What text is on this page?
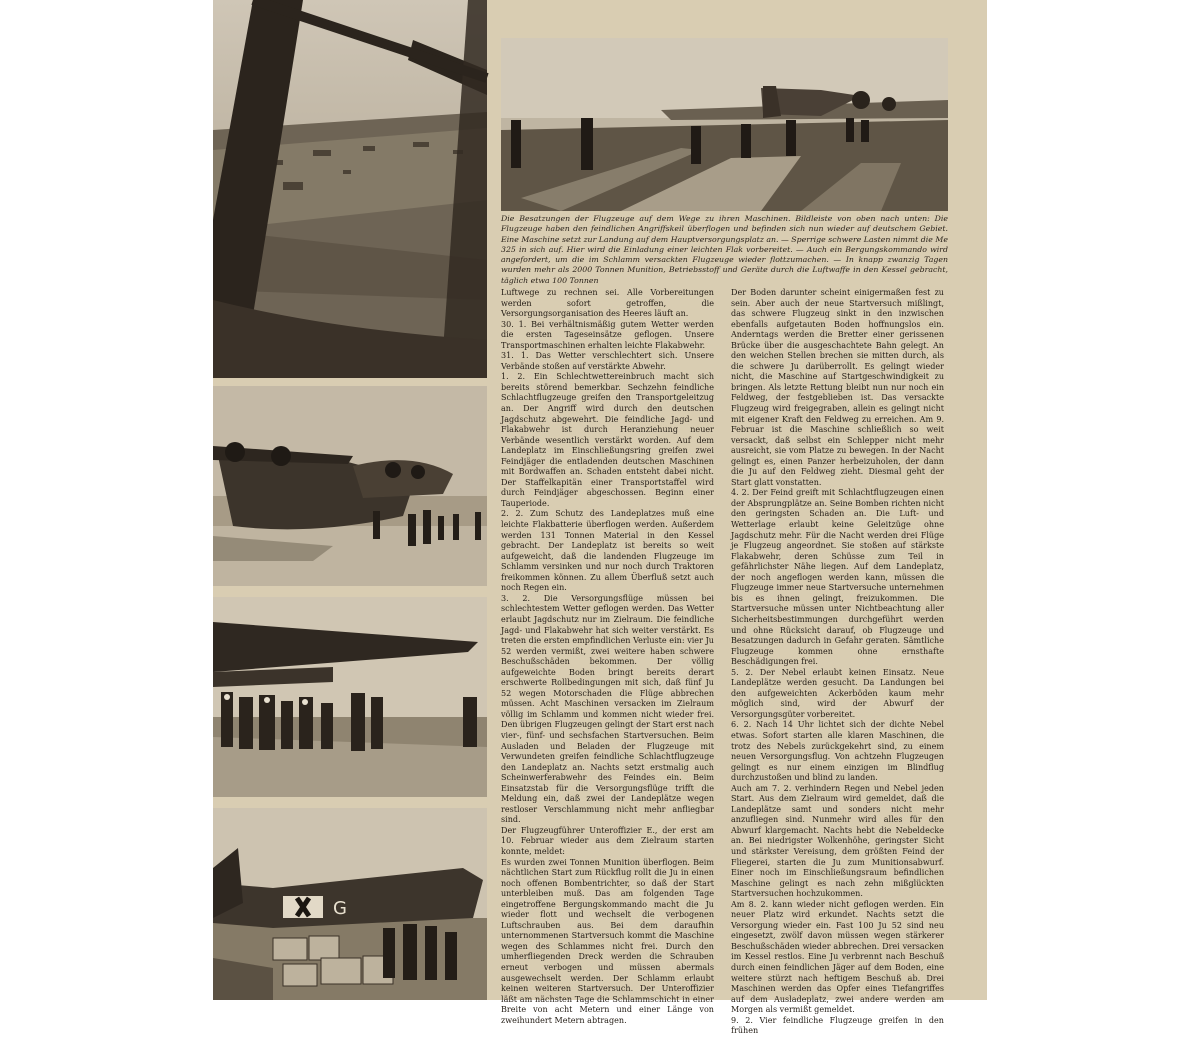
G
Die Besatzungen der Flugzeuge auf dem Wege zu ihren Maschinen. Bildleiste von oben nach unten: Die Flugzeuge haben den feindlichen Angriffskeil überflogen und befinden sich nun wieder auf deutschem Gebiet. Eine Maschine setzt zur Landung auf dem Hauptversorgungsplatz an. — Sperrige schwere Lasten nimmt die Me 325 in sich auf. Hier wird die Einladung einer leichten Flak vorbereitet. — Auch ein Bergungskommando wird angefordert, um die im Schlamm versackten Flugzeuge wieder flottzumachen. — In knapp zwanzig Tagen wurden mehr als 2000 Tonnen Munition, Betriebsstoff und Geräte durch die Luftwaffe in den Kessel gebracht, täglich etwa 100 Tonnen

Luftwege zu rechnen sei. Alle Vorbereitungen werden sofort getroffen, die Versorgungsorganisation des Heeres läuft an.

30. 1. Bei verhältnismäßig gutem Wetter werden die ersten Tageseinsätze geflogen. Unsere Transportmaschinen erhalten leichte Flakabwehr.

31. 1. Das Wetter verschlechtert sich. Unsere Verbände stoßen auf verstärkte Abwehr.

1. 2. Ein Schlechtwettereinbruch macht sich bereits störend bemerkbar. Sechzehn feindliche Schlachtflugzeuge greifen den Transportgeleitzug an. Der Angriff wird durch den deutschen Jagdschutz abgewehrt. Die feindliche Jagd- und Flakabwehr ist durch Heranziehung neuer Verbände wesentlich verstärkt worden. Auf dem Landeplatz im Einschließungsring greifen zwei Feindjäger die entladenden deutschen Maschinen mit Bordwaffen an. Schaden entsteht dabei nicht. Der Staffelkapitän einer Transportstaffel wird durch Feindjäger abgeschossen. Beginn einer Tauperiode.

2. 2. Zum Schutz des Landeplatzes muß eine leichte Flakbatterie überflogen werden. Außerdem werden 131 Tonnen Material in den Kessel gebracht. Der Landeplatz ist bereits so weit aufgeweicht, daß die landenden Flugzeuge im Schlamm versinken und nur noch durch Traktoren freikommen können. Zu allem Überfluß setzt auch noch Regen ein.

3. 2. Die Versorgungsflüge müssen bei schlechtestem Wetter geflogen werden. Das Wetter erlaubt Jagdschutz nur im Zielraum. Die feindliche Jagd- und Flakabwehr hat sich weiter verstärkt. Es treten die ersten empfindlichen Verluste ein: vier Ju 52 werden vermißt, zwei weitere haben schwere Beschußschäden bekommen. Der völlig aufgeweichte Boden bringt bereits derart erschwerte Rollbedingungen mit sich, daß fünf Ju 52 wegen Motorschaden die Flüge abbrechen müssen. Acht Maschinen versacken im Zielraum völlig im Schlamm und kommen nicht wieder frei. Den übrigen Flugzeugen gelingt der Start erst nach vier-, fünf- und sechsfachen Startversuchen. Beim Ausladen und Beladen der Flugzeuge mit Verwundeten greifen feindliche Schlachtflugzeuge den Landeplatz an. Nachts setzt erstmalig auch Scheinwerferabwehr des Feindes ein. Beim Einsatzstab für die Versorgungsflüge trifft die Meldung ein, daß zwei der Landeplätze wegen restloser Verschlammung nicht mehr anfliegbar sind.

Der Flugzeugführer Unteroffizier E., der erst am 10. Februar wieder aus dem Zielraum starten konnte, meldet:

Es wurden zwei Tonnen Munition überflogen. Beim nächtlichen Start zum Rückflug rollt die Ju in einen noch offenen Bombentrichter, so daß der Start unterbleiben muß. Das am folgenden Tage eingetroffene Bergungskommando macht die Ju wieder flott und wechselt die verbogenen Luftschrauben aus. Bei dem daraufhin unternommenen Startversuch kommt die Maschine wegen des Schlammes nicht frei. Durch den umherfliegenden Dreck werden die Schrauben erneut verbogen und müssen abermals ausgewechselt werden. Der Schlamm erlaubt keinen weiteren Startversuch. Der Unteroffizier läßt am nächsten Tage die Schlammschicht in einer Breite von acht Metern und einer Länge von zweihundert Metern abtragen.

Der Boden darunter scheint einigermaßen fest zu sein. Aber auch der neue Startversuch mißlingt, das schwere Flugzeug sinkt in den inzwischen ebenfalls aufgetauten Boden hoffnungslos ein. Anderntags werden die Bretter einer gerissenen Brücke über die ausgeschachtete Bahn gelegt. An den weichen Stellen brechen sie mitten durch, als die schwere Ju darüberrollt. Es gelingt wieder nicht, die Maschine auf Startgeschwindigkeit zu bringen. Als letzte Rettung bleibt nun nur noch ein Feldweg, der festgeblieben ist. Das versackte Flugzeug wird freigegraben, allein es gelingt nicht mit eigener Kraft den Feldweg zu erreichen. Am 9. Februar ist die Maschine schließlich so weit versackt, daß selbst ein Schlepper nicht mehr ausreicht, sie vom Platze zu bewegen. In der Nacht gelingt es, einen Panzer herbeizuholen, der dann die Ju auf den Feldweg zieht. Diesmal geht der Start glatt vonstatten.

4. 2. Der Feind greift mit Schlachtflugzeugen einen der Absprungplätze an. Seine Bomben richten nicht den geringsten Schaden an. Die Luft- und Wetterlage erlaubt keine Geleitzüge ohne Jagdschutz mehr. Für die Nacht werden drei Flüge je Flugzeug angeordnet. Sie stoßen auf stärkste Flakabwehr, deren Schüsse zum Teil in gefährlichster Nähe liegen. Auf dem Landeplatz, der noch angeflogen werden kann, müssen die Flugzeuge immer neue Startversuche unternehmen bis es ihnen gelingt, freizukommen. Die Startversuche müssen unter Nichtbeachtung aller Sicherheitsbestimmungen durchgeführt werden und ohne Rücksicht darauf, ob Flugzeuge und Besatzungen dadurch in Gefahr geraten. Sämtliche Flugzeuge kommen ohne ernsthafte Beschädigungen frei.

5. 2. Der Nebel erlaubt keinen Einsatz. Neue Landeplätze werden gesucht. Da Landungen bei den aufgeweichten Ackerböden kaum mehr möglich sind, wird der Abwurf der Versorgungsgüter vorbereitet.

6. 2. Nach 14 Uhr lichtet sich der dichte Nebel etwas. Sofort starten alle klaren Maschinen, die trotz des Nebels zurückgekehrt sind, zu einem neuen Versorgungsflug. Von achtzehn Flugzeugen gelingt es nur einem einzigen im Blindflug durchzustoßen und blind zu landen.

Auch am 7. 2. verhindern Regen und Nebel jeden Start. Aus dem Zielraum wird gemeldet, daß die Landeplätze samt und sonders nicht mehr anzufliegen sind. Nunmehr wird alles für den Abwurf klargemacht. Nachts hebt die Nebeldecke an. Bei niedrigster Wolkenhöhe, geringster Sicht und stärkster Vereisung, dem größten Feind der Fliegerei, starten die Ju zum Munitionsabwurf. Einer noch im Einschließungsraum befindlichen Maschine gelingt es nach zehn mißglückten Startversuchen hochzukommen.

Am 8. 2. kann wieder nicht geflogen werden. Ein neuer Platz wird erkundet. Nachts setzt die Versorgung wieder ein. Fast 100 Ju 52 sind neu eingesetzt, zwölf davon müssen wegen stärkerer Beschußschäden wieder abbrechen. Drei versacken im Kessel restlos. Eine Ju verbrennt nach Beschuß durch einen feindlichen Jäger auf dem Boden, eine weitere stürzt nach heftigem Beschuß ab. Drei Maschinen werden das Opfer eines Tiefangriffes auf dem Ausladeplatz, zwei andere werden am Morgen als vermißt gemeldet.

9. 2. Vier feindliche Flugzeuge greifen in den frühen
